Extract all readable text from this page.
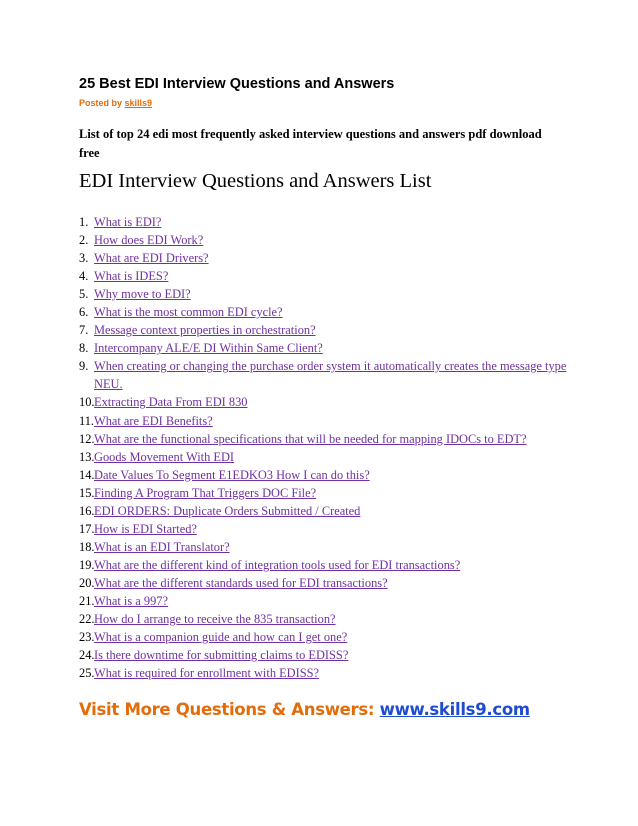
25 Best EDI Interview Questions and Answers
Posted by skills9
List of top 24 edi most frequently asked interview questions and answers pdf download free
EDI Interview Questions and Answers List
1. What is EDI?
2. How does EDI Work?
3. What are EDI Drivers?
4. What is IDES?
5. Why move to EDI?
6. What is the most common EDI cycle?
7. Message context properties in orchestration?
8. Intercompany ALE/E DI Within Same Client?
9. When creating or changing the purchase order system it automatically creates the message type NEU.
10. Extracting Data From EDI 830
11. What are EDI Benefits?
12. What are the functional specifications that will be needed for mapping IDOCs to EDT?
13. Goods Movement With EDI
14. Date Values To Segment E1EDKO3 How I can do this?
15. Finding A Program That Triggers DOC File?
16. EDI ORDERS: Duplicate Orders Submitted / Created
17. How is EDI Started?
18. What is an EDI Translator?
19. What are the different kind of integration tools used for EDI transactions?
20. What are the different standards used for EDI transactions?
21. What is a 997?
22. How do I arrange to receive the 835 transaction?
23. What is a companion guide and how can I get one?
24. Is there downtime for submitting claims to EDISS?
25. What is required for enrollment with EDISS?
Visit More Questions & Answers: www.skills9.com
